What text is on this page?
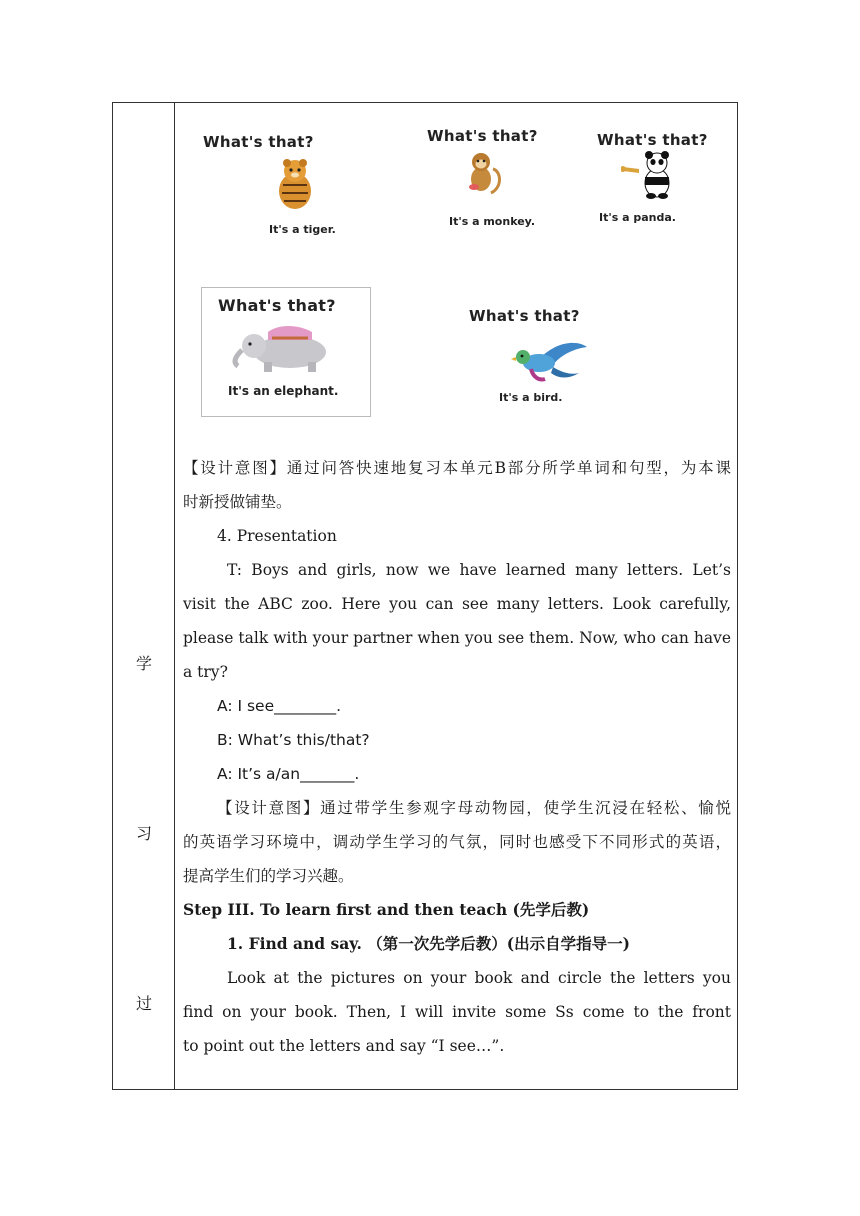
学
习
过
What's that?
It's a tiger.
What's that?
It's a monkey.
What's that?
It's a panda.
What's that?
It's an elephant.
What's that?
It's a bird.
【设计意图】通过问答快速地复习本单元B部分所学单词和句型，为本课
时新授做铺垫。
4. Presentation
T: Boys and girls, now we have learned many letters. Let’s
visit the ABC zoo. Here you can see many letters. Look carefully,
please talk with your partner when you see them. Now, who can have
a try?
A: I see________.
B: What’s this/that?
A: It’s a/an_______.
【设计意图】通过带学生参观字母动物园，使学生沉浸在轻松、愉悦
的英语学习环境中，调动学生学习的气氛，同时也感受下不同形式的英语，
提高学生们的学习兴趣。
Step III. To learn first and then teach (先学后教)
1. Find and say. （第一次先学后教）(出示自学指导一)
Look at the pictures on your book and circle the letters you
find on your book. Then, I will invite some Ss come to the front
to point out the letters and say “I see…”.
